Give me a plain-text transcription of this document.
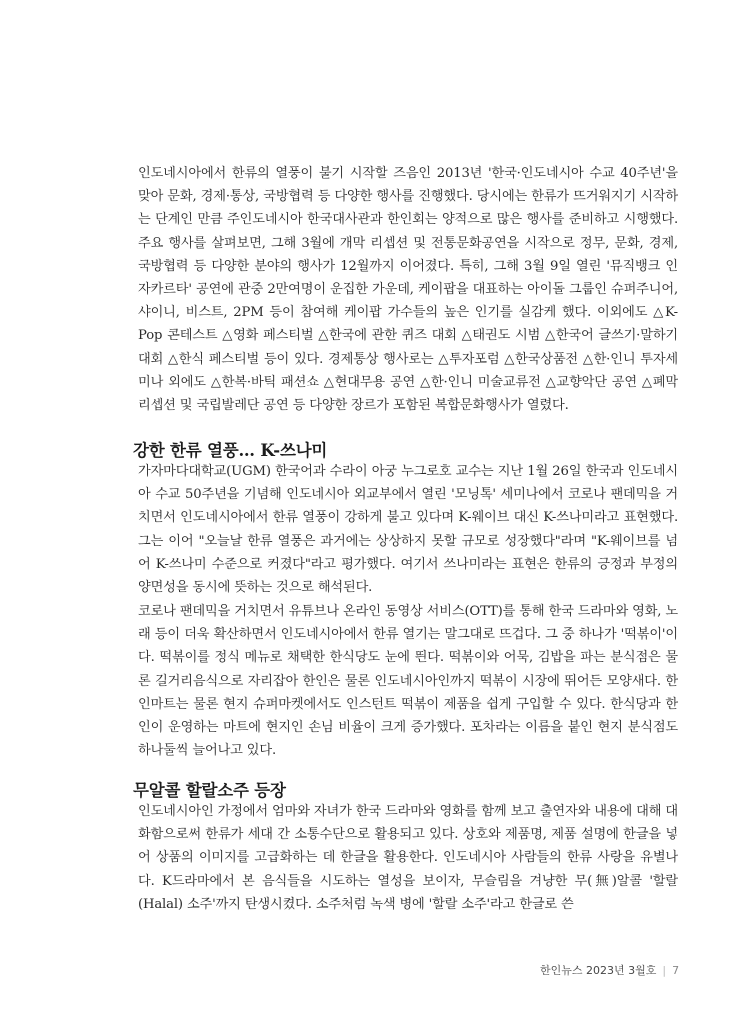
인도네시아에서 한류의 열풍이 불기 시작할 즈음인 2013년 '한국·인도네시아 수교 40주년'을 맞아 문화, 경제·통상, 국방협력 등 다양한 행사를 진행했다. 당시에는 한류가 뜨거워지기 시작하는 단계인 만큼 주인도네시아 한국대사관과 한인회는 양적으로 많은 행사를 준비하고 시행했다. 주요 행사를 살펴보면, 그해 3월에 개막 리셉션 및 전통문화공연을 시작으로 정무, 문화, 경제, 국방협력 등 다양한 분야의 행사가 12월까지 이어졌다. 특히, 그해 3월 9일 열린 '뮤직뱅크 인 자카르타' 공연에 관중 2만여명이 운집한 가운데, 케이팝을 대표하는 아이돌 그룹인 슈퍼주니어, 샤이니, 비스트, 2PM 등이 참여해 케이팝 가수들의 높은 인기를 실감케 했다. 이외에도 △K-Pop 콘테스트 △영화 페스티벌 △한국에 관한 퀴즈 대회 △태권도 시범 △한국어 글쓰기·말하기 대회 △한식 페스티벌 등이 있다. 경제통상 행사로는 △투자포럼 △한국상품전 △한·인니 투자세미나 외에도 △한복·바틱 패션쇼 △현대무용 공연 △한·인니 미술교류전 △교향악단 공연 △폐막 리셉션 및 국립발레단 공연 등 다양한 장르가 포함된 복합문화행사가 열렸다.

강한 한류 열풍… K-쓰나미

가자마다대학교(UGM) 한국어과 수라이 아궁 누그로호 교수는 지난 1월 26일 한국과 인도네시아 수교 50주년을 기념해 인도네시아 외교부에서 열린 '모닝톡' 세미나에서 코로나 팬데믹을 거치면서 인도네시아에서 한류 열풍이 강하게 불고 있다며 K-웨이브 대신 K-쓰나미라고 표현했다. 그는 이어 "오늘날 한류 열풍은 과거에는 상상하지 못할 규모로 성장했다"라며 "K-웨이브를 넘어 K-쓰나미 수준으로 커졌다"라고 평가했다. 여기서 쓰나미라는 표현은 한류의 긍정과 부정의 양면성을 동시에 뜻하는 것으로 해석된다.

코로나 팬데믹을 거치면서 유튜브나 온라인 동영상 서비스(OTT)를 통해 한국 드라마와 영화, 노래 등이 더욱 확산하면서 인도네시아에서 한류 열기는 말그대로 뜨겁다. 그 중 하나가 '떡볶이'이다. 떡볶이를 정식 메뉴로 채택한 한식당도 눈에 띈다. 떡볶이와 어묵, 김밥을 파는 분식점은 물론 길거리음식으로 자리잡아 한인은 물론 인도네시아인까지 떡볶이 시장에 뛰어든 모양새다. 한인마트는 물론 현지 슈퍼마켓에서도 인스턴트 떡볶이 제품을 쉽게 구입할 수 있다. 한식당과 한인이 운영하는 마트에 현지인 손님 비율이 크게 증가했다. 포차라는 이름을 붙인 현지 분식점도 하나둘씩 늘어나고 있다.

무알콜 할랄소주 등장

인도네시아인 가정에서 엄마와 자녀가 한국 드라마와 영화를 함께 보고 출연자와 내용에 대해 대화함으로써 한류가 세대 간 소통수단으로 활용되고 있다. 상호와 제품명, 제품 설명에 한글을 넣어 상품의 이미지를 고급화하는 데 한글을 활용한다. 인도네시아 사람들의 한류 사랑을 유별나다. K드라마에서 본 음식들을 시도하는 열성을 보이자, 무슬림을 겨냥한 무(無)알콜 '할랄(Halal) 소주'까지 탄생시켰다. 소주처럼 녹색 병에 '할랄 소주'라고 한글로 쓴

한인뉴스 2023년 3월호 | 7
